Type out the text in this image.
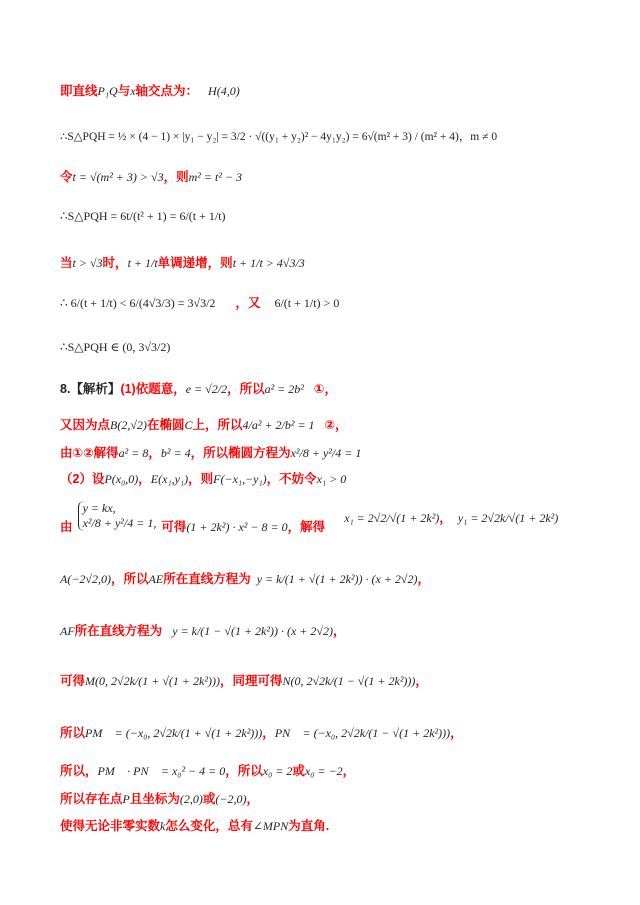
即直线P₁Q与x轴交点为： H(4,0)
∴S△PQH = ½ × (4 − 1) × |y₁ − y₂| = 3/2 · √((y₁ + y₂)² − 4y₁y₂) = 6√(m² + 3) / (m² + 4)，m ≠ 0
令t = √(m² + 3) > √3，则m² = t² − 3
∴S△PQH = 6t/(t² + 1) = 6/(t + 1/t)
当t > √3时，t + 1/t单调递增，则t + 1/t > 4√3/3
∴ 6/(t + 1/t) < 6/(4√3/3) = 3√3/2 ，又 6/(t + 1/t) > 0
∴S△PQH ∈ (0, 3√3/2)
8.【解析】(1)依题意，e = √2/2，所以a² = 2b² ①，
又因为点B(2,√2)在椭圆C上，所以4/a² + 2/b² = 1 ②，
由①②解得a² = 8，b² = 4，所以椭圆方程为x²/8 + y²/4 = 1
（2）设P(x₀,0)，E(x₁,y₁)，则F(−x₁,−y₁)，不妨令x₁ > 0
由

y = kx,
x²/8 + y²/4 = 1, 可得(1 + 2k²) · x² − 8 = 0，解得 x₁ = 2√2/√(1 + 2k²)， y₁ = 2√2k/√(1 + 2k²)
A(−2√2,0)，所以AE所在直线方程为 y = k/(1 + √(1 + 2k²)) · (x + 2√2)，
AF所在直线方程为 y = k/(1 − √(1 + 2k²)) · (x + 2√2)，
可得M(0, 2√2k/(1 + √(1 + 2k²)))，同理可得N(0, 2√2k/(1 − √(1 + 2k²)))，
所以PM⃗ = (−x₀, 2√2k/(1 + √(1 + 2k²)))，PN⃗ = (−x₀, 2√2k/(1 − √(1 + 2k²)))，
所以，PM⃗ · PN⃗ = x₀² − 4 = 0，所以x₀ = 2或x₀ = −2，
所以存在点P且坐标为(2,0)或(−2,0)，
使得无论非零实数k怎么变化，总有∠MPN为直角.
